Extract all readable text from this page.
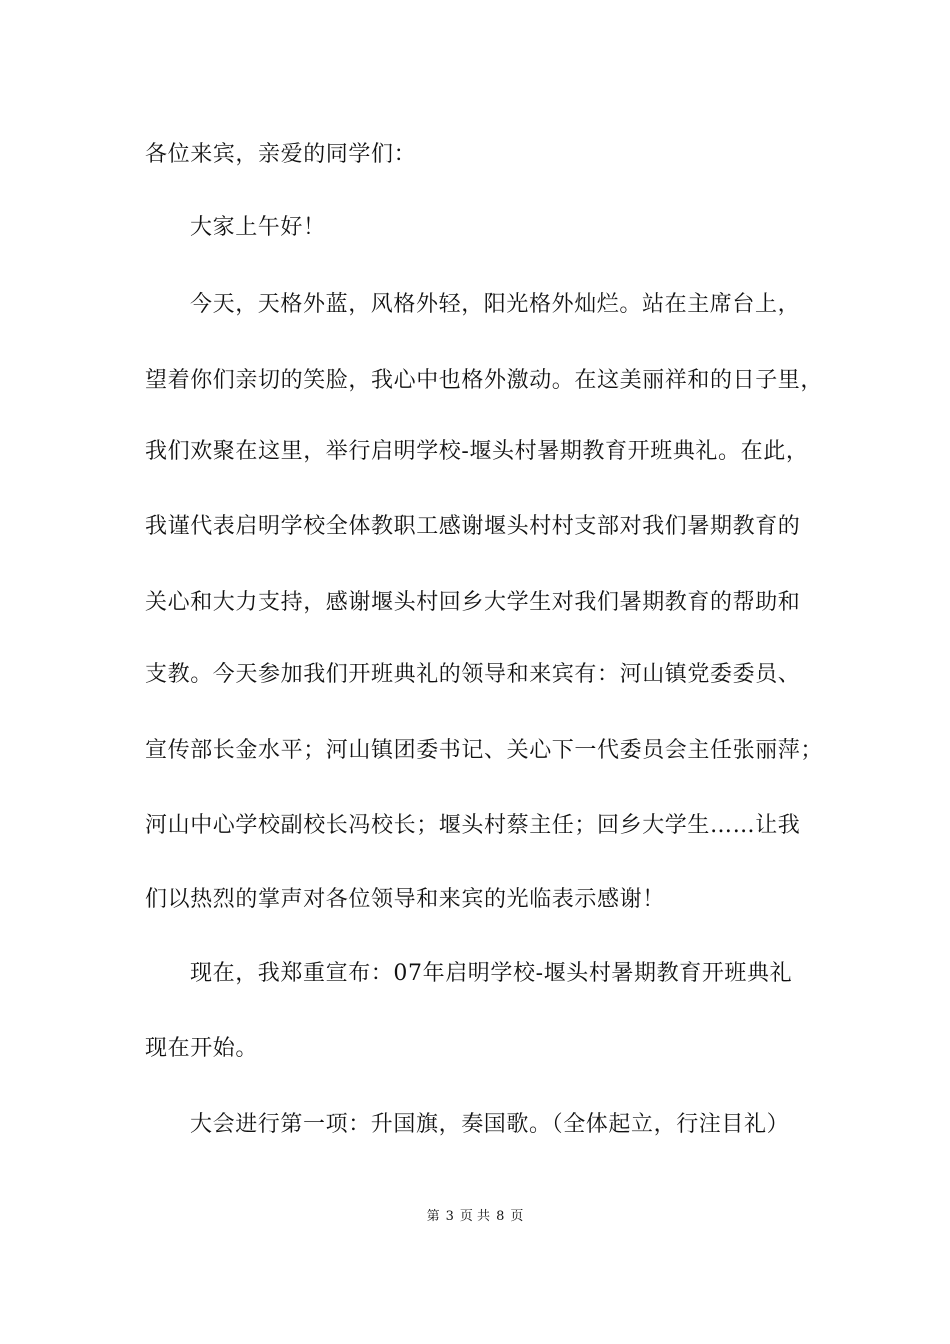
各位来宾，亲爱的同学们：
大家上午好！
今天，天格外蓝，风格外轻，阳光格外灿烂。站在主席台上，
望着你们亲切的笑脸，我心中也格外激动。在这美丽祥和的日子里，
我们欢聚在这里，举行启明学校-堰头村暑期教育开班典礼。在此，
我谨代表启明学校全体教职工感谢堰头村村支部对我们暑期教育的
关心和大力支持，感谢堰头村回乡大学生对我们暑期教育的帮助和
支教。今天参加我们开班典礼的领导和来宾有：河山镇党委委员、
宣传部长金水平；河山镇团委书记、关心下一代委员会主任张丽萍；
河山中心学校副校长冯校长；堰头村蔡主任；回乡大学生……让我
们以热烈的掌声对各位领导和来宾的光临表示感谢！
现在，我郑重宣布：07年启明学校-堰头村暑期教育开班典礼
现在开始。
大会进行第一项：升国旗，奏国歌。（全体起立，行注目礼）
第 3 页 共 8 页
